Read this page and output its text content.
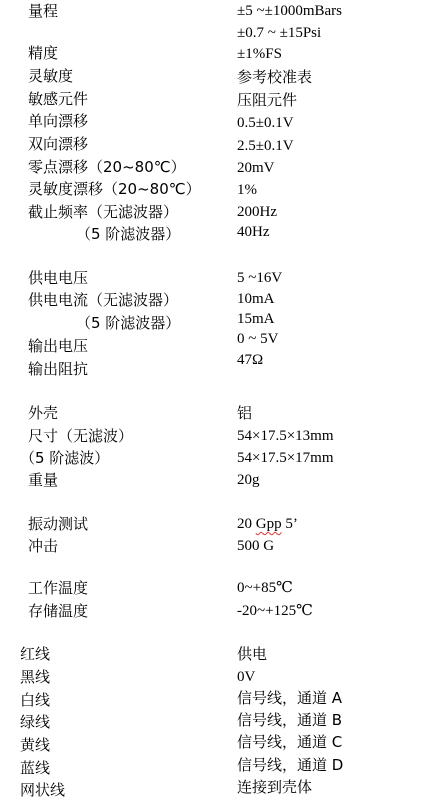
量程	±5 ~±1000mBars
±0.7 ~ ±15Psi
精度	±1%FS
灵敏度	参考校准表
敏感元件	压阻元件
单向漂移	0.5±0.1V
双向漂移	2.5±0.1V
零点漂移（20~80℃）	20mV
灵敏度漂移（20~80℃） 1%
截止频率（无滤波器）	200Hz
（5 阶滤波器）	40Hz
供电电压	5 ~16V
供电电流（无滤波器）	10mA
（5 阶滤波器）	15mA
输出电压	0 ~ 5V
输出阻抗	47Ω
外壳	铝
尺寸（无滤波）	54×17.5×13mm
（5 阶滤波）	54×17.5×17mm
重量	20g
振动测试	20 Gpp 5’
冲击	500 G
工作温度	0~+85℃
存储温度	-20~+125℃
红线	供电
黑线	0V
白线	信号线，通道 A
绿线	信号线，通道 B
黄线	信号线，通道 C
蓝线	信号线，通道 D
网状线	连接到壳体
